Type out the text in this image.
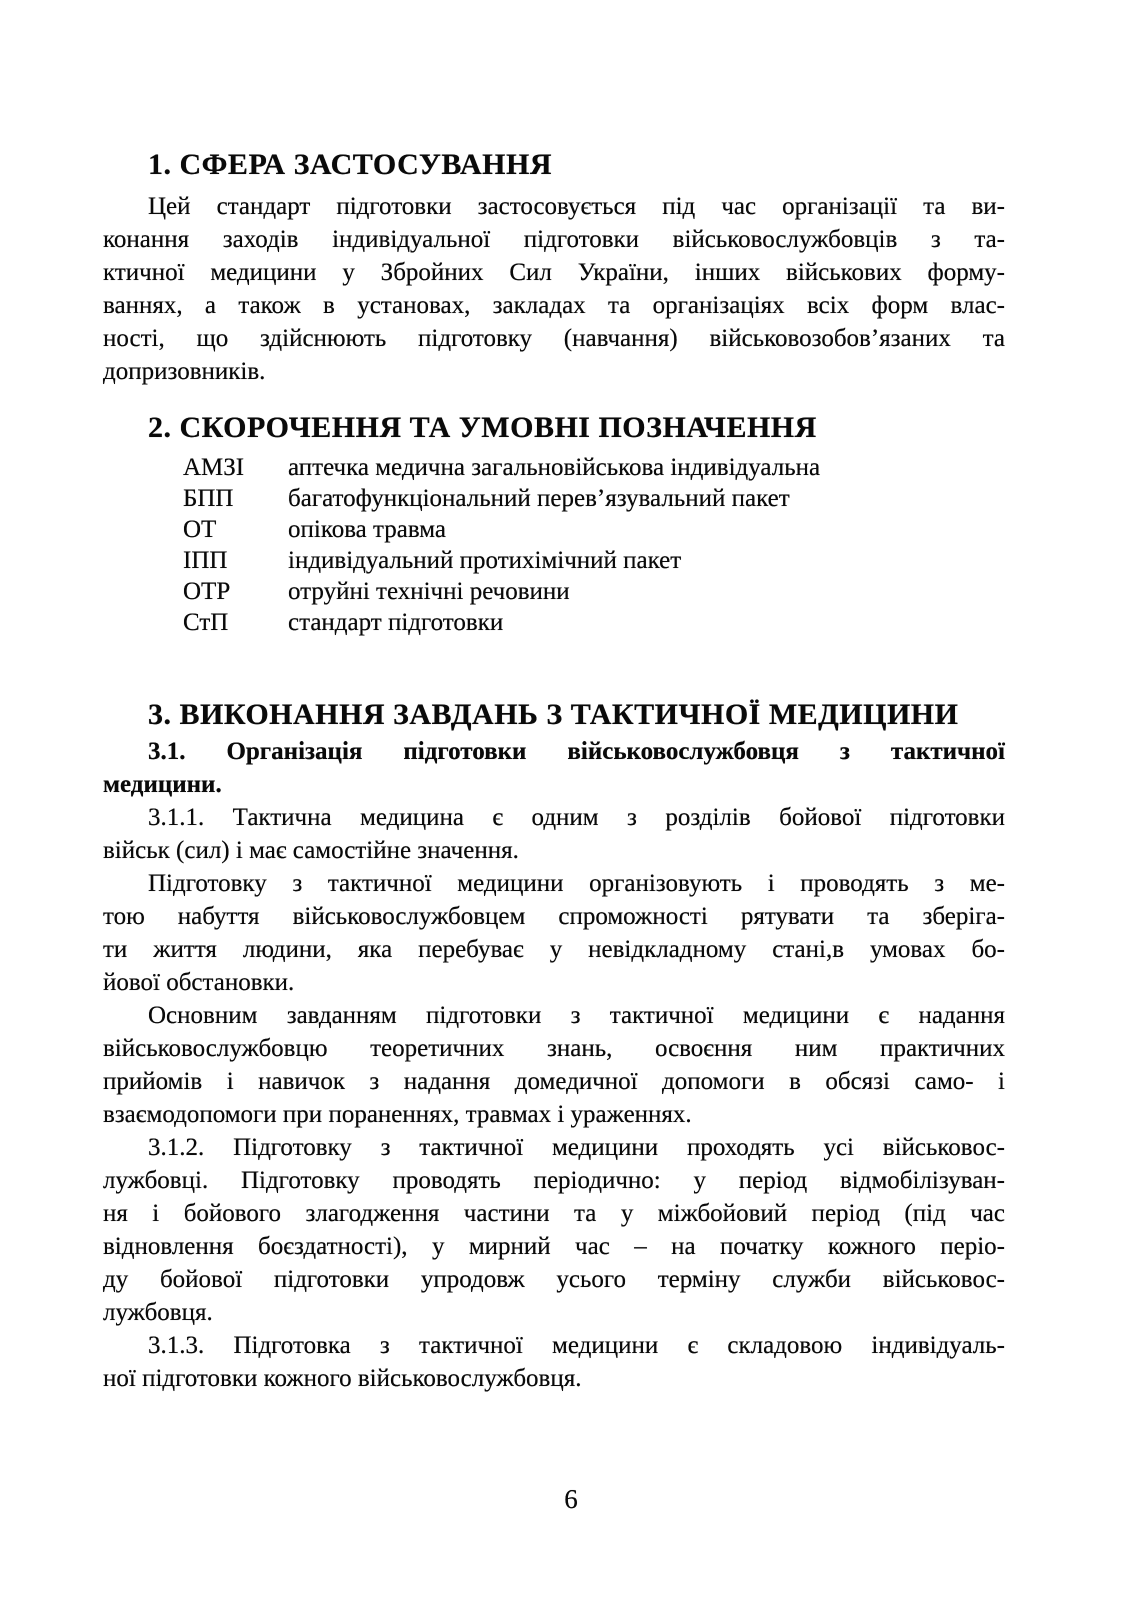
1. СФЕРА ЗАСТОСУВАННЯ
Цей стандарт підготовки застосовується під час організації та ви-
конання заходів індивідуальної підготовки військовослужбовців з та-
ктичної медицини у Збройних Сил України, інших військових форму-
ваннях, а також в установах, закладах та організаціях всіх форм влас-
ності, що здійснюють підготовку (навчання) військовозобов’язаних та
допризовників.
2. СКОРОЧЕННЯ ТА УМОВНІ ПОЗНАЧЕННЯ
АМЗІ	аптечка медична загальновійськова індивідуальна
БПП	багатофункціональний перев’язувальний пакет
ОТ	опікова травма
ІПП	індивідуальний протихімічний пакет
ОТР	отруйні технічні речовини
СтП	стандарт підготовки
3. ВИКОНАННЯ ЗАВДАНЬ З ТАКТИЧНОЇ МЕДИЦИНИ
3.1. Організація підготовки військовослужбовця з тактичної
медицини.
3.1.1. Тактична медицина є одним з розділів бойової підготовки
військ (сил) і має самостійне значення.
Підготовку з тактичної медицини організовують і проводять з ме-
тою набуття військовослужбовцем спроможності рятувати та зберіга-
ти життя людини, яка перебуває у невідкладному стані,в умовах бо-
йової обстановки.
Основним завданням підготовки з тактичної медицини є надання
військовослужбовцю теоретичних знань, освоєння ним практичних
прийомів і навичок з надання домедичної допомоги в обсязі само- і
взаємодопомоги при пораненнях, травмах і ураженнях.
3.1.2. Підготовку з тактичної медицини проходять усі військовос-
лужбовці. Підготовку проводять періодично: у період відмобілізуван-
ня і бойового злагодження частини та у міжбойовий період (під час
відновлення боєздатності), у мирний час – на початку кожного періо-
ду бойової підготовки упродовж усього терміну служби військовос-
лужбовця.
3.1.3. Підготовка з тактичної медицини є складовою індивідуаль-
ної підготовки кожного військовослужбовця.
6
